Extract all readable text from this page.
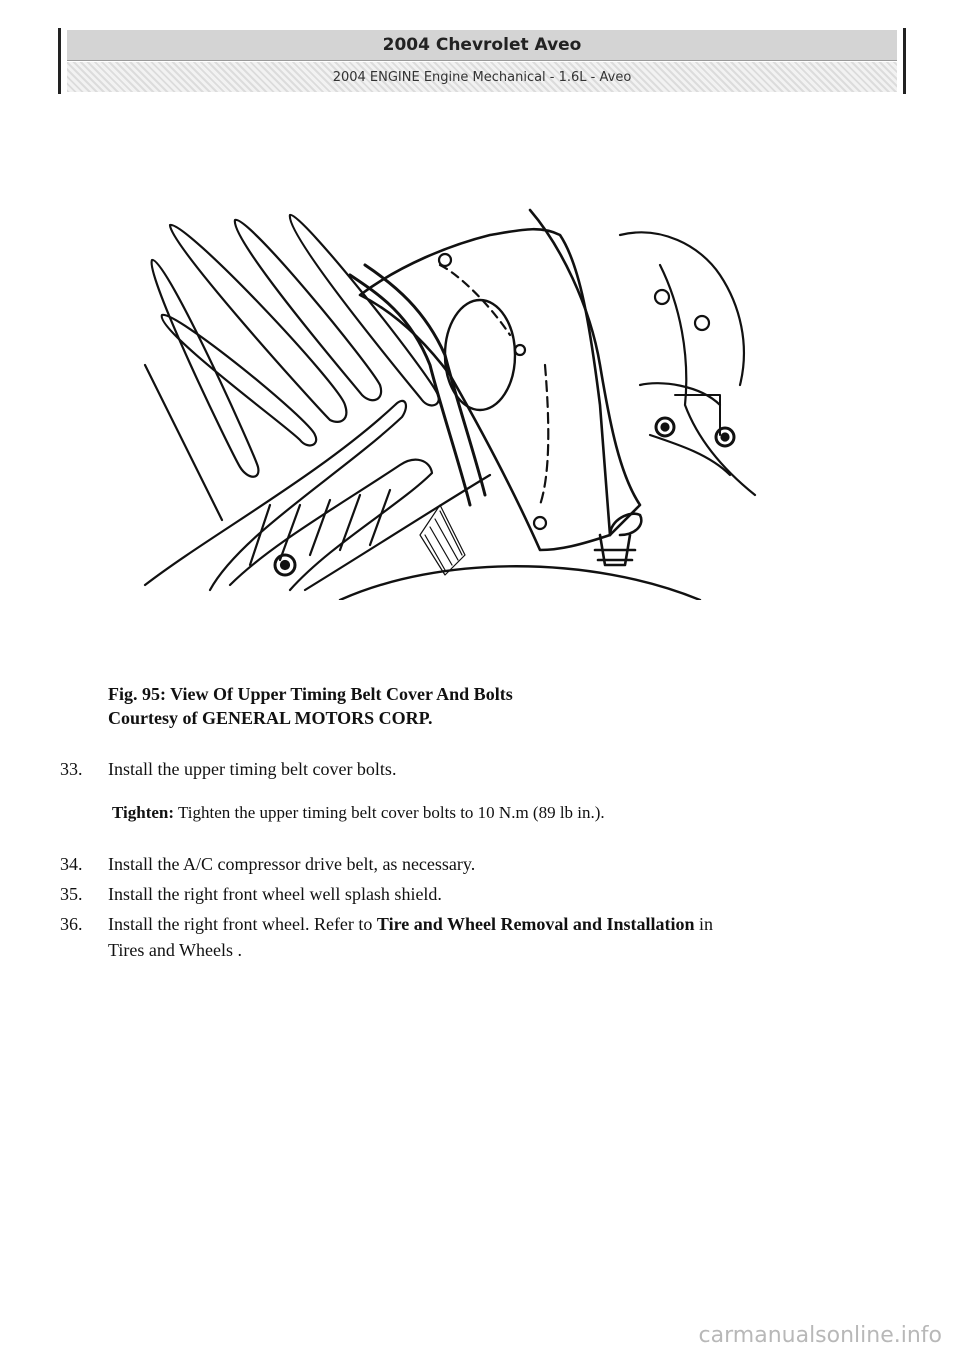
2004 Chevrolet Aveo
2004 ENGINE Engine Mechanical - 1.6L - Aveo
Fig. 95: View Of Upper Timing Belt Cover And Bolts
Courtesy of GENERAL MOTORS CORP.
33. Install the upper timing belt cover bolts.
Tighten: Tighten the upper timing belt cover bolts to 10 N.m (89 lb in.).
34. Install the A/C compressor drive belt, as necessary.
35. Install the right front wheel well splash shield.
36. Install the right front wheel. Refer to Tire and Wheel Removal and Installation in
Tires and Wheels .
carmanualsonline.info
